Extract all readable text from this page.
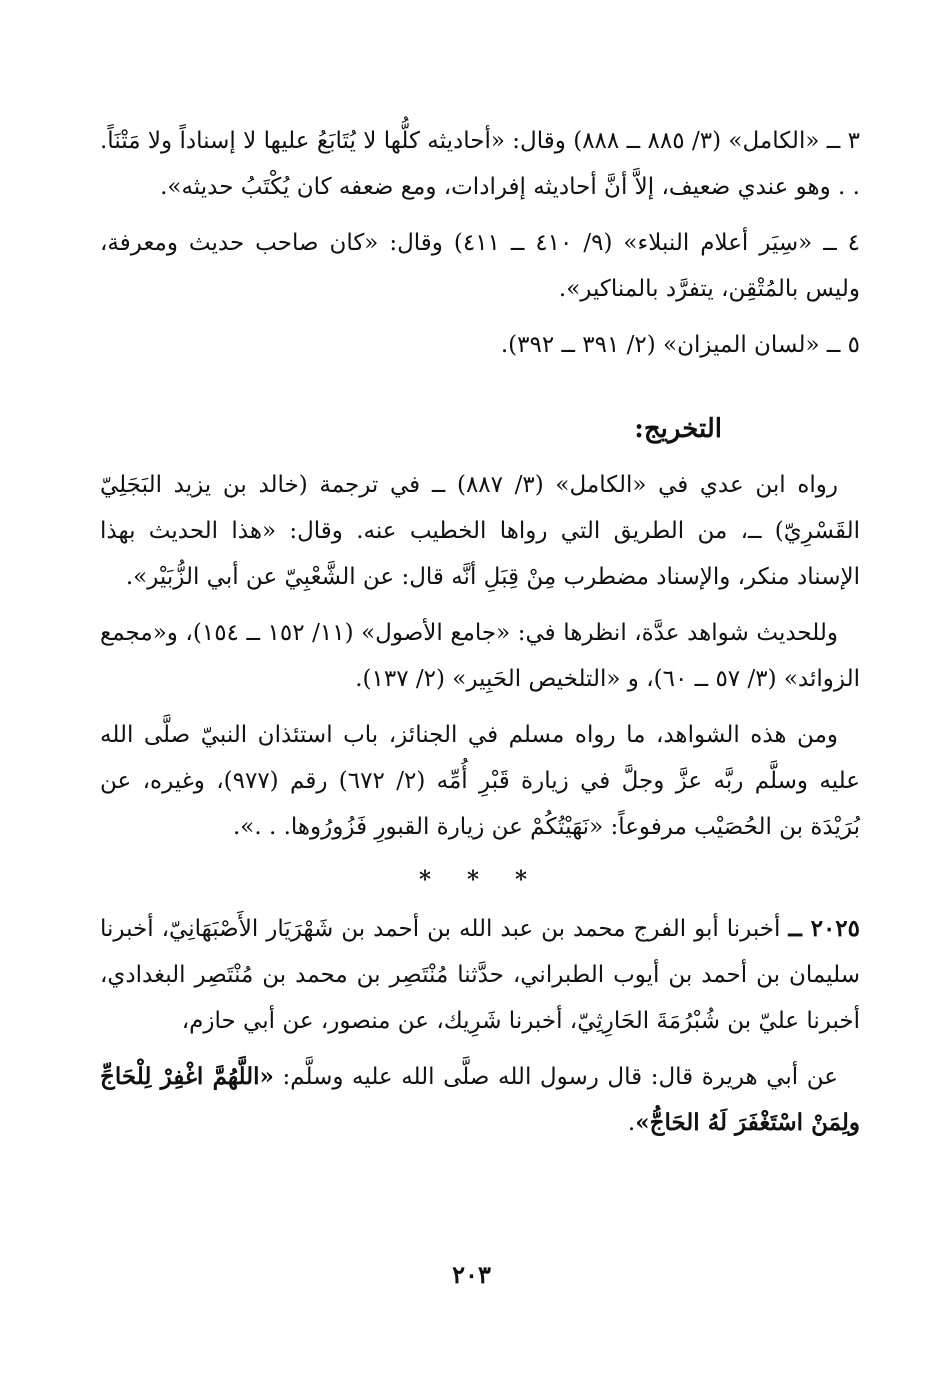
٣ ــ «الكامل» (٣/ ٨٨٥ ــ ٨٨٨) وقال: «أحاديثه كلُّها لا يُتَابَعُ عليها لا إسناداً ولا مَتْنَاً. . . وهو عندي ضعيف، إلاَّ أنَّ أحاديثه إفرادات، ومع ضعفه كان يُكْتَبُ حديثه».

٤ ــ «سِيَر أعلام النبلاء» (٩/ ٤١٠ ــ ٤١١) وقال: «كان صاحب حديث ومعرفة، وليس بالمُتْقِن، يتفرَّد بالمناكير».

٥ ــ «لسان الميزان» (٢/ ٣٩١ ــ ٣٩٢).

التخريج:

رواه ابن عدي في «الكامل» (٣/ ٨٨٧) ــ في ترجمة (خالد بن يزيد البَجَلِيّ القَسْرِيّ) ــ، من الطريق التي رواها الخطيب عنه. وقال: «هذا الحديث بهذا الإسناد منكر، والإسناد مضطرب مِنْ قِبَلِ أنَّه قال: عن الشَّعْبِيّ عن أبي الزُّبَيْر».

وللحديث شواهد عدَّة، انظرها في: «جامع الأصول» (١١/ ١٥٢ ــ ١٥٤)، و«مجمع الزوائد» (٣/ ٥٧ ــ ٦٠)، و «التلخيص الحَبِير» (٢/ ١٣٧).

ومن هذه الشواهد، ما رواه مسلم في الجنائز، باب استئذان النبيّ صلَّى الله عليه وسلَّم ربَّه عزَّ وجلَّ في زيارة قَبْرِ أُمِّه (٢/ ٦٧٢) رقم (٩٧٧)، وغيره، عن بُرَيْدَة بن الحُصَيْب مرفوعاً: «نَهَيْتُكُمْ عن زيارة القبورِ فَزُورُوها. . .».

* * *

٢٠٢٥ ــ أخبرنا أبو الفرج محمد بن عبد الله بن أحمد بن شَهْرَيَار الأَصْبَهَانِيّ، أخبرنا سليمان بن أحمد بن أيوب الطبراني، حدَّثنا مُنْتَصِر بن محمد بن مُنْتَصِر البغدادي، أخبرنا عليّ بن شُبْرُمَةَ الحَارِثِيّ، أخبرنا شَرِيك، عن منصور، عن أبي حازم،

عن أبي هريرة قال: قال رسول الله صلَّى الله عليه وسلَّم: «اللَّهُمَّ اغْفِرْ لِلْحَاجِّ ولِمَنْ اسْتَغْفَرَ لَهُ الحَاجُّ».

٢٠٣
